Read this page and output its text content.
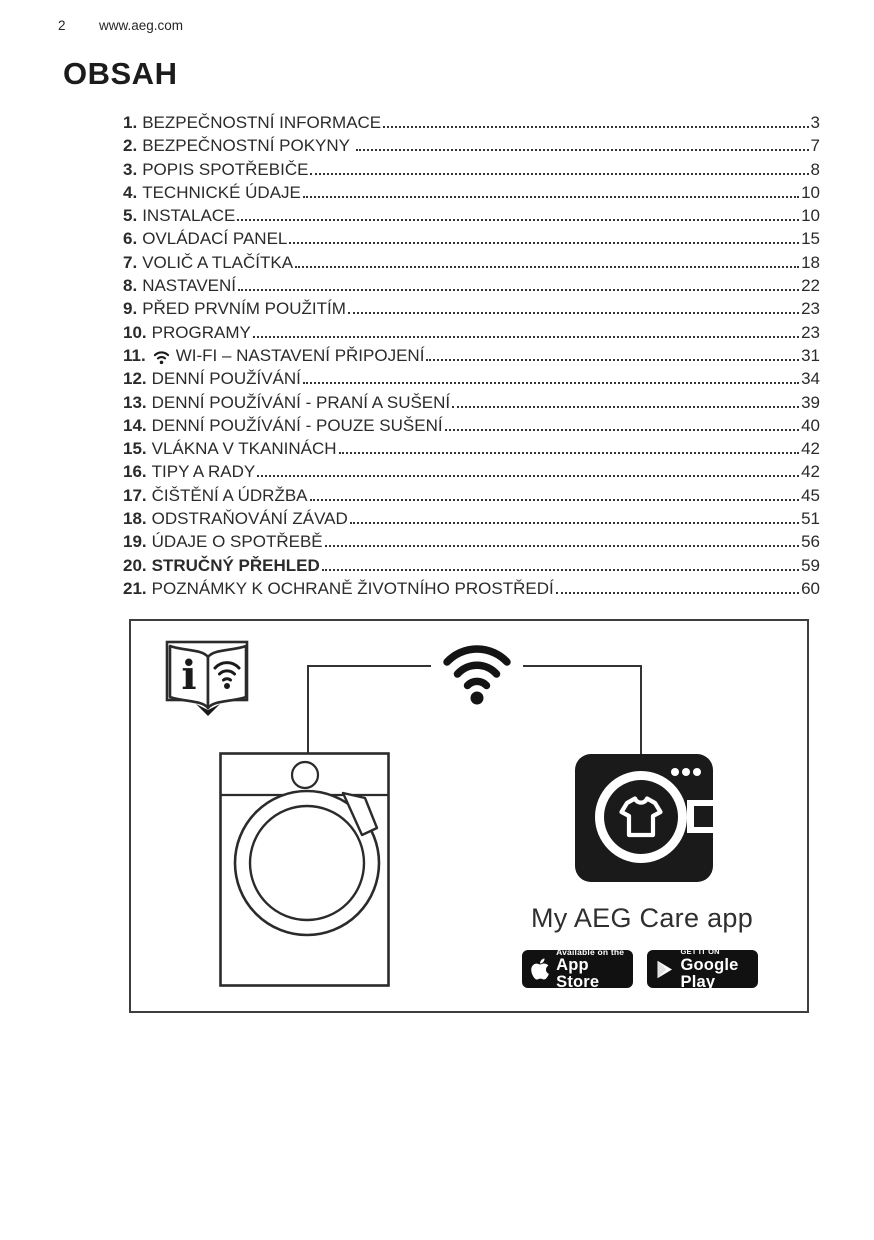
2 www.aeg.com
OBSAH
1. BEZPEČNOSTNÍ INFORMACE	3
2. BEZPEČNOSTNÍ POKYNY	7
3. POPIS SPOTŘEBIČE	8
4. TECHNICKÉ ÚDAJE	10
5. INSTALACE	10
6. OVLÁDACÍ PANEL	15
7. VOLIČ A TLAČÍTKA	18
8. NASTAVENÍ	22
9. PŘED PRVNÍM POUŽITÍM	23
10. PROGRAMY	23
11. WI-FI – NASTAVENÍ PŘIPOJENÍ	31
12. DENNÍ POUŽÍVÁNÍ	34
13. DENNÍ POUŽÍVÁNÍ - PRANÍ A SUŠENÍ	39
14. DENNÍ POUŽÍVÁNÍ - POUZE SUŠENÍ	40
15. VLÁKNA V TKANINÁCH	42
16. TIPY A RADY	42
17. ČIŠTĚNÍ A ÚDRŽBA	45
18. ODSTRAŇOVÁNÍ ZÁVAD	51
19. ÚDAJE O SPOTŘEBĚ	56
20. STRUČNÝ PŘEHLED	59
21. POZNÁMKY K OCHRANĚ ŽIVOTNÍHO PROSTŘEDÍ	60
i
My AEG Care app
Available on the
App Store
GET IT ON
Google Play
